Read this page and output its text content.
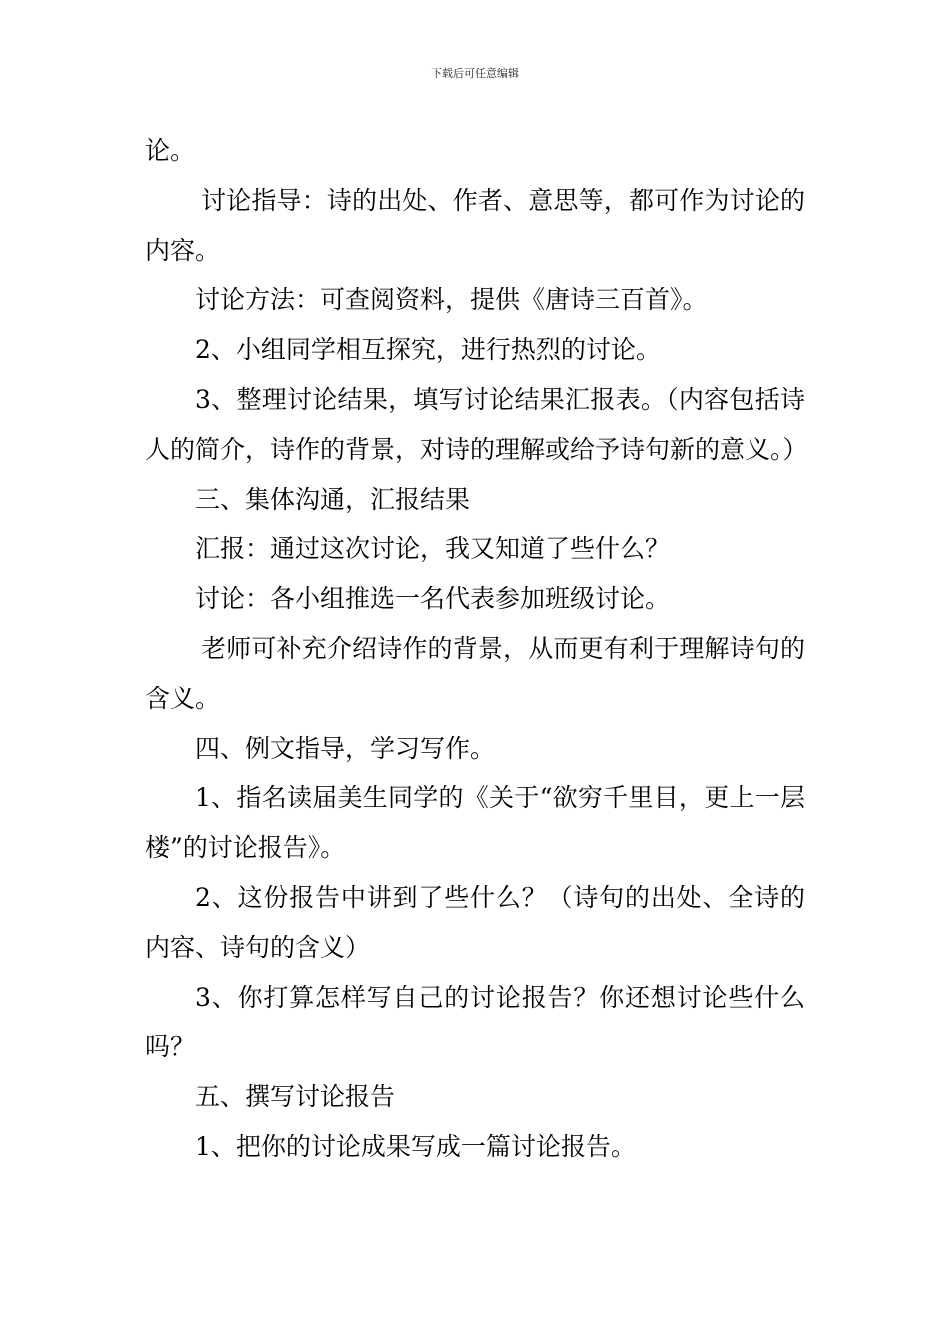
下载后可任意编辑

论。

讨论指导：诗的出处、作者、意思等，都可作为讨论的内容。

讨论方法：可查阅资料，提供《唐诗三百首》。

2、小组同学相互探究，进行热烈的讨论。

3、整理讨论结果，填写讨论结果汇报表。（内容包括诗人的简介，诗作的背景，对诗的理解或给予诗句新的意义。）

三、集体沟通，汇报结果

汇报：通过这次讨论，我又知道了些什么？

讨论：各小组推选一名代表参加班级讨论。

老师可补充介绍诗作的背景，从而更有利于理解诗句的含义。

四、例文指导，学习写作。

1、指名读届美生同学的《关于“欲穷千里目，更上一层楼”的讨论报告》。

2、这份报告中讲到了些什么？（诗句的出处、全诗的内容、诗句的含义）

3、你打算怎样写自己的讨论报告？你还想讨论些什么吗？

五、撰写讨论报告

1、把你的讨论成果写成一篇讨论报告。
